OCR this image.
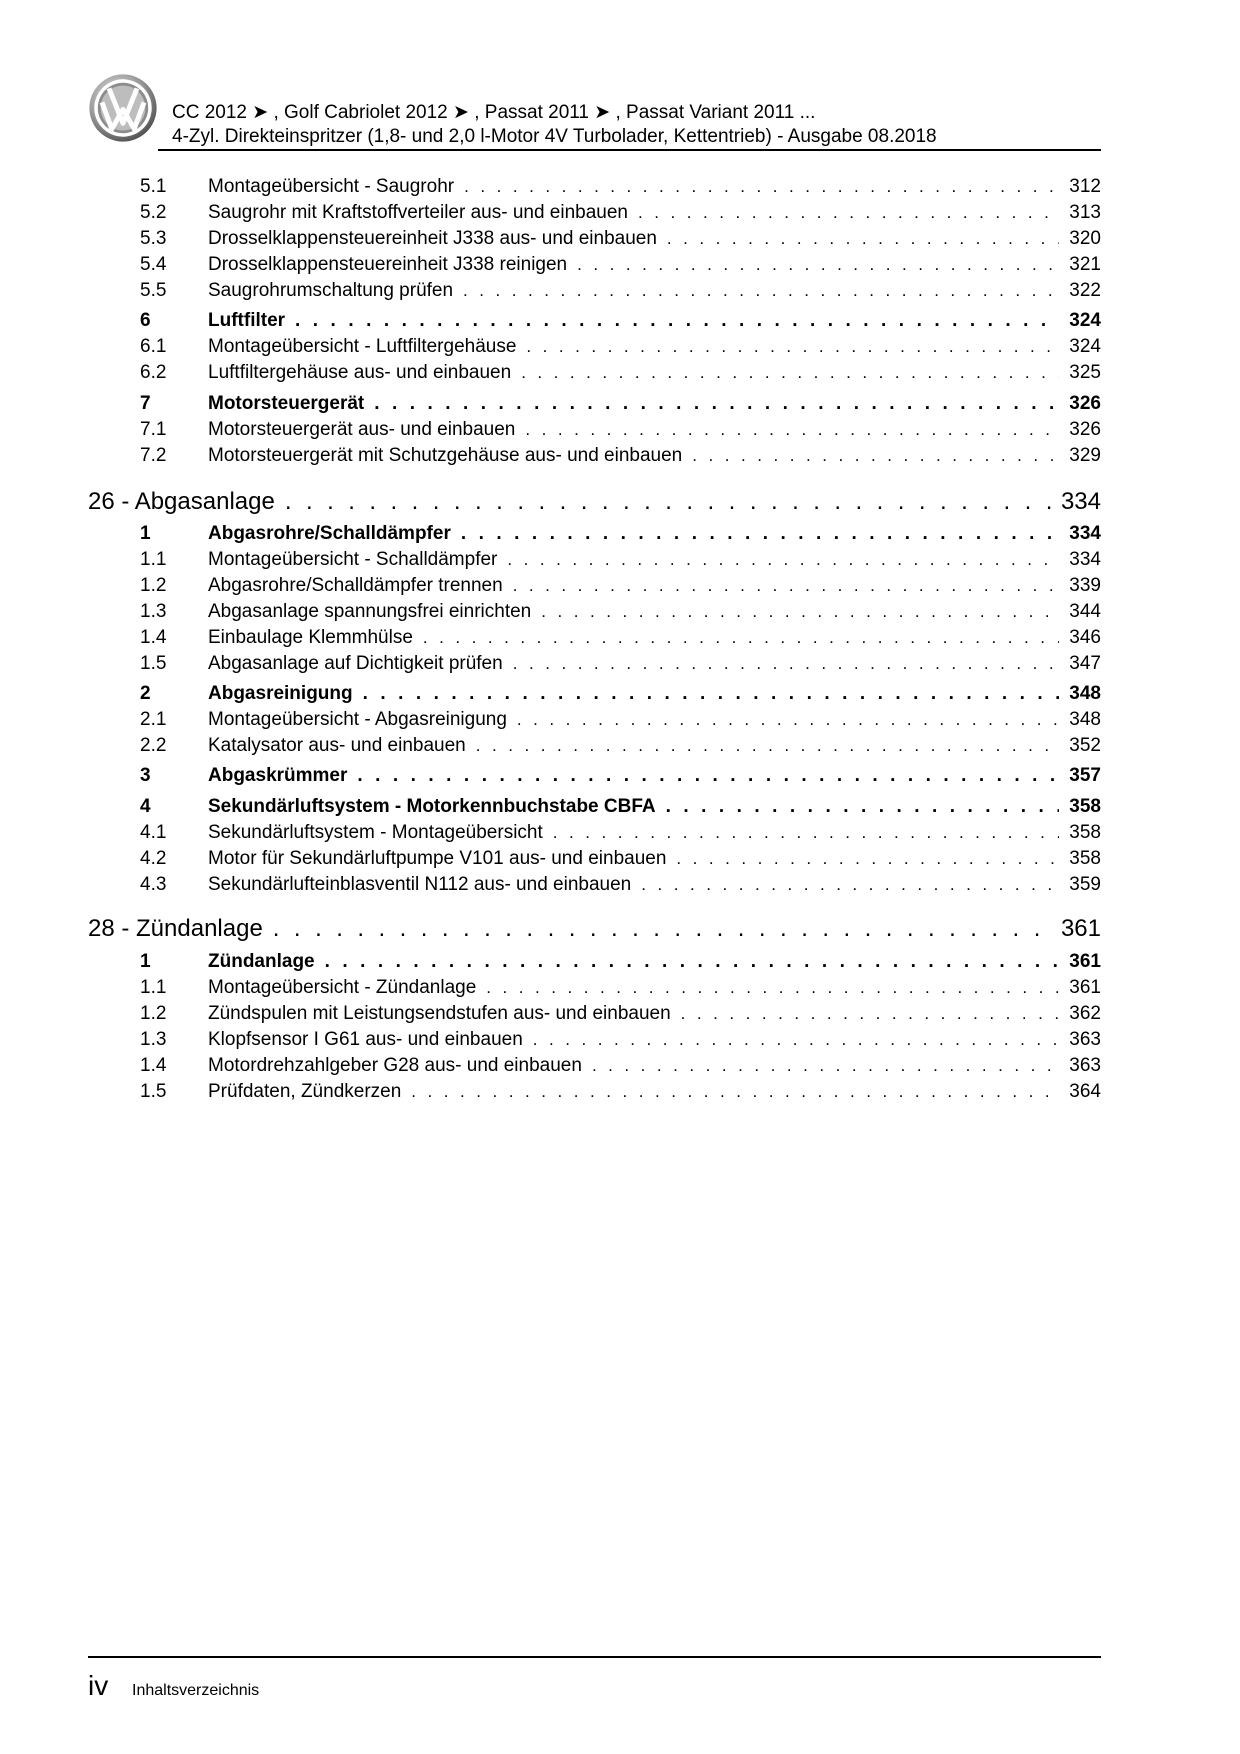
CC 2012 ➤ , Golf Cabriolet 2012 ➤ , Passat 2011 ➤ , Passat Variant 2011 ...
4-Zyl. Direkteinspritzer (1,8- und 2,0 l-Motor 4V Turbolader, Kettentrieb) - Ausgabe 08.2018
5.1 Montageübersicht - Saugrohr . . .	312
5.2 Saugrohr mit Kraftstoffverteiler aus- und einbauen . . .	313
5.3 Drosselklappensteuereinheit J338 aus- und einbauen . . .	320
5.4 Drosselklappensteuereinheit J338 reinigen . . .	321
5.5 Saugrohrumschaltung prüfen . . .	322
6	Luftfilter . . .	324
6.1 Montageübersicht - Luftfiltergehäuse . . .	324
6.2 Luftfiltergehäuse aus- und einbauen . . .	325
7	Motorsteuergerät . . .	326
7.1 Motorsteuergerät aus- und einbauen . . .	326
7.2 Motorsteuergerät mit Schutzgehäuse aus- und einbauen . . .	329
26 - Abgasanlage . . .	334
1	Abgasrohre/Schalldämpfer . . .	334
1.1 Montageübersicht - Schalldämpfer . . .	334
1.2 Abgasrohre/Schalldämpfer trennen . . .	339
1.3 Abgasanlage spannungsfrei einrichten . . .	344
1.4 Einbaulage Klemmhülse . . .	346
1.5 Abgasanlage auf Dichtigkeit prüfen . . .	347
2	Abgasreinigung . . .	348
2.1 Montageübersicht - Abgasreinigung . . .	348
2.2 Katalysator aus- und einbauen . . .	352
3	Abgaskrümmer . . .	357
4	Sekundärluftsystem - Motorkennbuchstabe CBFA . . .	358
4.1 Sekundärluftsystem - Montageübersicht . . .	358
4.2 Motor für Sekundärluftpumpe V101 aus- und einbauen . . .	358
4.3 Sekundärlufteinblasventil N112 aus- und einbauen . . .	359
28 - Zündanlage . . .	361
1	Zündanlage . . .	361
1.1 Montageübersicht - Zündanlage . . .	361
1.2 Zündspulen mit Leistungsendstufen aus- und einbauen . . .	362
1.3 Klopfsensor I G61 aus- und einbauen . . .	363
1.4 Motordrehzahlgeber G28 aus- und einbauen . . .	363
1.5 Prüfdaten, Zündkerzen . . .	364
iv Inhaltsverzeichnis
